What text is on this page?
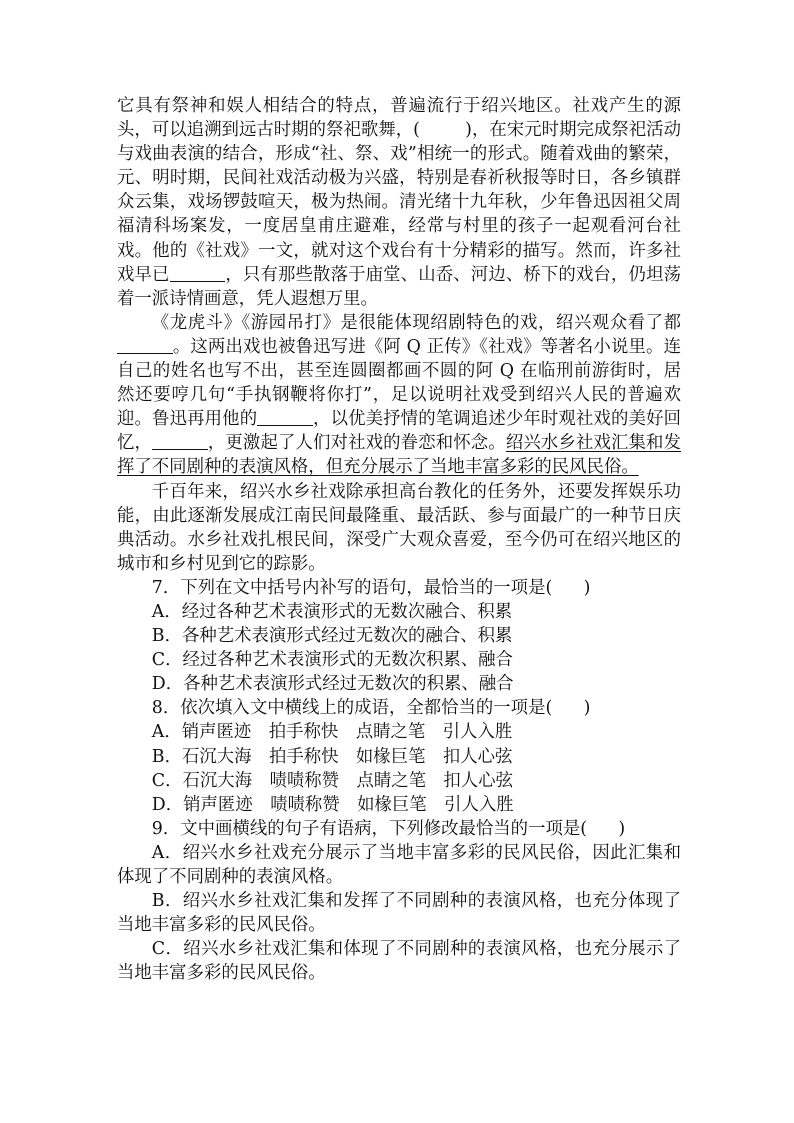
它具有祭神和娱人相结合的特点，普遍流行于绍兴地区。社戏产生的源头，可以追溯到远古时期的祭祀歌舞，(	)，在宋元时期完成祭祀活动与戏曲表演的结合，形成“社、祭、戏”相统一的形式。随着戏曲的繁荣，元、明时期，民间社戏活动极为兴盛，特别是春祈秋报等时日，各乡镇群众云集，戏场锣鼓喧天，极为热闹。清光绪十九年秋，少年鲁迅因祖父周福清科场案发，一度居皇甫庄避难，经常与村里的孩子一起观看河台社戏。他的《社戏》一文，就对这个戏台有十分精彩的描写。然而，许多社戏早已	，只有那些散落于庙堂、山岙、河边、桥下的戏台，仍坦荡着一派诗情画意，凭人遐想万里。

《龙虎斗》《游园吊打》是很能体现绍剧特色的戏，绍兴观众看了都。这两出戏也被鲁迅写进《阿 Q 正传》《社戏》等著名小说里。连自己的姓名也写不出，甚至连圆圈都画不圆的阿 Q 在临刑前游街时，居然还要哼几句“手执钢鞭将你打”，足以说明社戏受到绍兴人民的普遍欢迎。鲁迅再用他的	，以优美抒情的笔调追述少年时观社戏的美好回忆，	，更激起了人们对社戏的眷恋和怀念。绍兴水乡社戏汇集和发挥了不同剧种的表演风格，但充分展示了当地丰富多彩的民风民俗。

千百年来，绍兴水乡社戏除承担高台教化的任务外，还要发挥娱乐功能，由此逐渐发展成江南民间最隆重、最活跃、参与面最广的一种节日庆典活动。水乡社戏扎根民间，深受广大观众喜爱，至今仍可在绍兴地区的城市和乡村见到它的踪影。

7．下列在文中括号内补写的语句，最恰当的一项是( )

A．经过各种艺术表演形式的无数次融合、积累

B．各种艺术表演形式经过无数次的融合、积累

C．经过各种艺术表演形式的无数次积累、融合

D．各种艺术表演形式经过无数次的积累、融合

8．依次填入文中横线上的成语，全都恰当的一项是( )

A．销声匿迹 拍手称快 点睛之笔 引人入胜

B．石沉大海 拍手称快 如椽巨笔 扣人心弦

C．石沉大海 啧啧称赞 点睛之笔 扣人心弦

D．销声匿迹 啧啧称赞 如椽巨笔 引人入胜

9．文中画横线的句子有语病，下列修改最恰当的一项是( )

A．绍兴水乡社戏充分展示了当地丰富多彩的民风民俗，因此汇集和体现了不同剧种的表演风格。

B．绍兴水乡社戏汇集和发挥了不同剧种的表演风格，也充分体现了当地丰富多彩的民风民俗。

C．绍兴水乡社戏汇集和体现了不同剧种的表演风格，也充分展示了当地丰富多彩的民风民俗。
